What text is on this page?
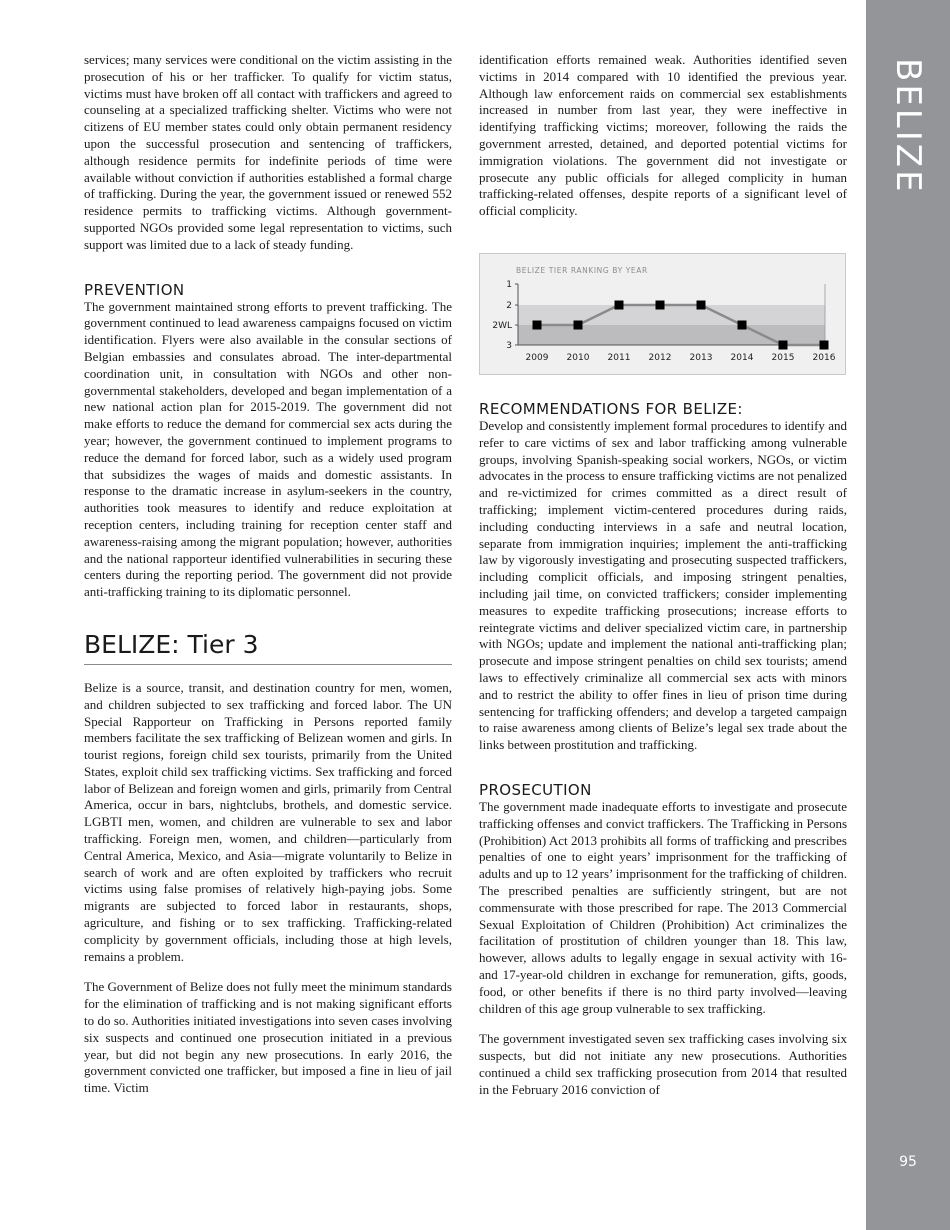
BELIZE
95

services; many services were conditional on the victim assisting in the prosecution of his or her trafficker. To qualify for victim status, victims must have broken off all contact with traffickers and agreed to counseling at a specialized trafficking shelter. Victims who were not citizens of EU member states could only obtain permanent residency upon the successful prosecution and sentencing of traffickers, although residence permits for indefinite periods of time were available without conviction if authorities established a formal charge of trafficking. During the year, the government issued or renewed 552 residence permits to trafficking victims. Although government-supported NGOs provided some legal representation to victims, such support was limited due to a lack of steady funding.

PREVENTION

The government maintained strong efforts to prevent trafficking. The government continued to lead awareness campaigns focused on victim identification. Flyers were also available in the consular sections of Belgian embassies and consulates abroad. The inter-departmental coordination unit, in consultation with NGOs and other non-governmental stakeholders, developed and began implementation of a new national action plan for 2015-2019. The government did not make efforts to reduce the demand for commercial sex acts during the year; however, the government continued to implement programs to reduce the demand for forced labor, such as a widely used program that subsidizes the wages of maids and domestic assistants. In response to the dramatic increase in asylum-seekers in the country, authorities took measures to identify and reduce exploitation at reception centers, including training for reception center staff and awareness-raising among the migrant population; however, authorities and the national rapporteur identified vulnerabilities in securing these centers during the reporting period. The government did not provide anti-trafficking training to its diplomatic personnel.

BELIZE: Tier 3

Belize is a source, transit, and destination country for men, women, and children subjected to sex trafficking and forced labor. The UN Special Rapporteur on Trafficking in Persons reported family members facilitate the sex trafficking of Belizean women and girls. In tourist regions, foreign child sex tourists, primarily from the United States, exploit child sex trafficking victims. Sex trafficking and forced labor of Belizean and foreign women and girls, primarily from Central America, occur in bars, nightclubs, brothels, and domestic service. LGBTI men, women, and children are vulnerable to sex and labor trafficking. Foreign men, women, and children—particularly from Central America, Mexico, and Asia—migrate voluntarily to Belize in search of work and are often exploited by traffickers who recruit victims using false promises of relatively high-paying jobs. Some migrants are subjected to forced labor in restaurants, shops, agriculture, and fishing or to sex trafficking. Trafficking-related complicity by government officials, including those at high levels, remains a problem.

The Government of Belize does not fully meet the minimum standards for the elimination of trafficking and is not making significant efforts to do so. Authorities initiated investigations into seven cases involving six suspects and continued one prosecution initiated in a previous year, but did not begin any new prosecutions. In early 2016, the government convicted one trafficker, but imposed a fine in lieu of jail time. Victim

identification efforts remained weak. Authorities identified seven victims in 2014 compared with 10 identified the previous year. Although law enforcement raids on commercial sex establishments increased in number from last year, they were ineffective in identifying trafficking victims; moreover, following the raids the government arrested, detained, and deported potential victims for immigration violations. The government did not investigate or prosecute any public officials for alleged complicity in human trafficking-related offenses, despite reports of a significant level of official complicity.

BELIZE TIER RANKING BY YEAR
1
2
2WL
3
2009 2010 2011 2012 2013 2014 2015 2016
RECOMMENDATIONS FOR BELIZE:

Develop and consistently implement formal procedures to identify and refer to care victims of sex and labor trafficking among vulnerable groups, involving Spanish-speaking social workers, NGOs, or victim advocates in the process to ensure trafficking victims are not penalized and re-victimized for crimes committed as a direct result of trafficking; implement victim-centered procedures during raids, including conducting interviews in a safe and neutral location, separate from immigration inquiries; implement the anti-trafficking law by vigorously investigating and prosecuting suspected traffickers, including complicit officials, and imposing stringent penalties, including jail time, on convicted traffickers; consider implementing measures to expedite trafficking prosecutions; increase efforts to reintegrate victims and deliver specialized victim care, in partnership with NGOs; update and implement the national anti-trafficking plan; prosecute and impose stringent penalties on child sex tourists; amend laws to effectively criminalize all commercial sex acts with minors and to restrict the ability to offer fines in lieu of prison time during sentencing for trafficking offenders; and develop a targeted campaign to raise awareness among clients of Belize’s legal sex trade about the links between prostitution and trafficking.

PROSECUTION

The government made inadequate efforts to investigate and prosecute trafficking offenses and convict traffickers. The Trafficking in Persons (Prohibition) Act 2013 prohibits all forms of trafficking and prescribes penalties of one to eight years’ imprisonment for the trafficking of adults and up to 12 years’ imprisonment for the trafficking of children. The prescribed penalties are sufficiently stringent, but are not commensurate with those prescribed for rape. The 2013 Commercial Sexual Exploitation of Children (Prohibition) Act criminalizes the facilitation of prostitution of children younger than 18. This law, however, allows adults to legally engage in sexual activity with 16- and 17-year-old children in exchange for remuneration, gifts, goods, food, or other benefits if there is no third party involved—leaving children of this age group vulnerable to sex trafficking.

The government investigated seven sex trafficking cases involving six suspects, but did not initiate any new prosecutions. Authorities continued a child sex trafficking prosecution from 2014 that resulted in the February 2016 conviction of
